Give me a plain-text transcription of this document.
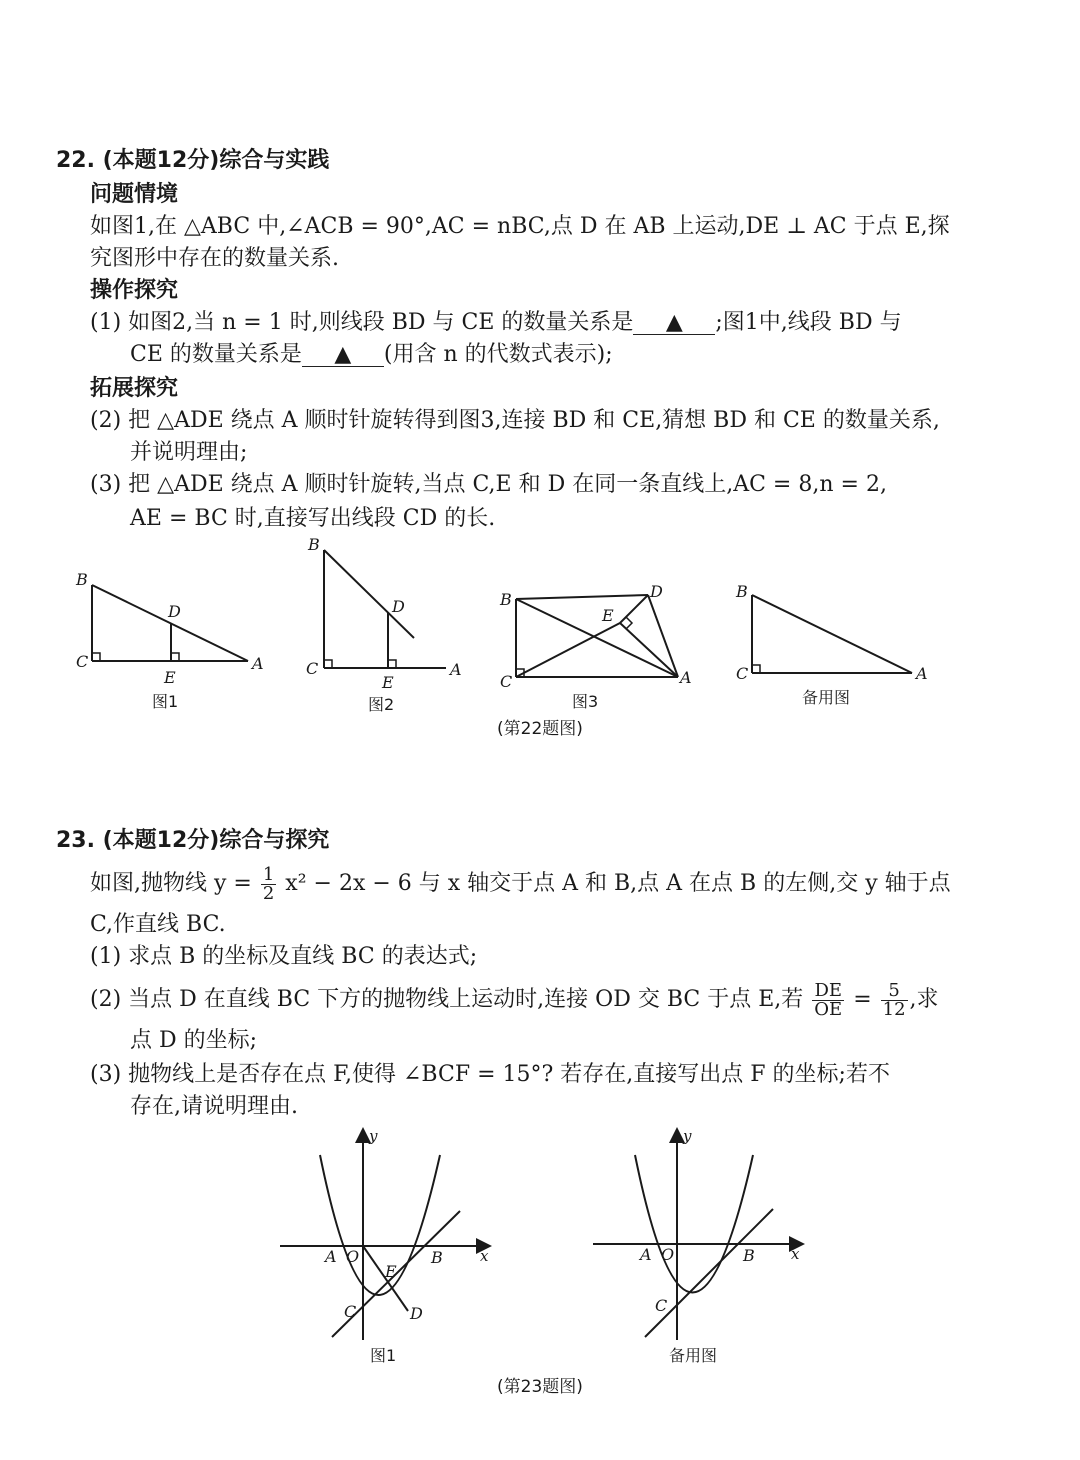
22. (本题12分)综合与实践
问题情境
如图1,在 △ABC 中,∠ACB = 90°,AC = nBC,点 D 在 AB 上运动,DE ⊥ AC 于点 E,探
究图形中存在的数量关系.
操作探究
(1) 如图2,当 n = 1 时,则线段 BD 与 CE 的数量关系是 ▲ ;图1中,线段 BD 与
CE 的数量关系是 ▲ (用含 n 的代数式表示);
拓展探究
(2) 把 △ADE 绕点 A 顺时针旋转得到图3,连接 BD 和 CE,猜想 BD 和 CE 的数量关系,
并说明理由;
(3) 把 △ADE 绕点 A 顺时针旋转,当点 C,E 和 D 在同一条直线上,AC = 8,n = 2,
AE = BC 时,直接写出线段 CD 的长.
B
D
C
E
A
图1
B
D
C
E
A
图2
B	D
E
C	A
图3
B
C	A
备用图
(第22题图)
23. (本题12分)综合与探究
如图,抛物线 $y = \frac{1}{2} x^2 - 2x - 6$ 与 x 轴交于点 A 和 B,点 A 在点 B 的左侧,交 y 轴于点
C,作直线 BC.
(1) 求点 B 的坐标及直线 BC 的表达式;
(2) 当点 D 在直线 BC 下方的抛物线上运动时,连接 OD 交 BC 于点 E,若 $\frac{DE}{OE} = \frac{5}{12}$ ,求
点 D 的坐标;
(3) 抛物线上是否存在点 F,使得 ∠BCF = 15°? 若存在,直接写出点 F 的坐标;若不
存在,请说明理由.
y
x
A O	B
E
C	D
图1
y
x
A O	B
C
备用图
(第23题图)
